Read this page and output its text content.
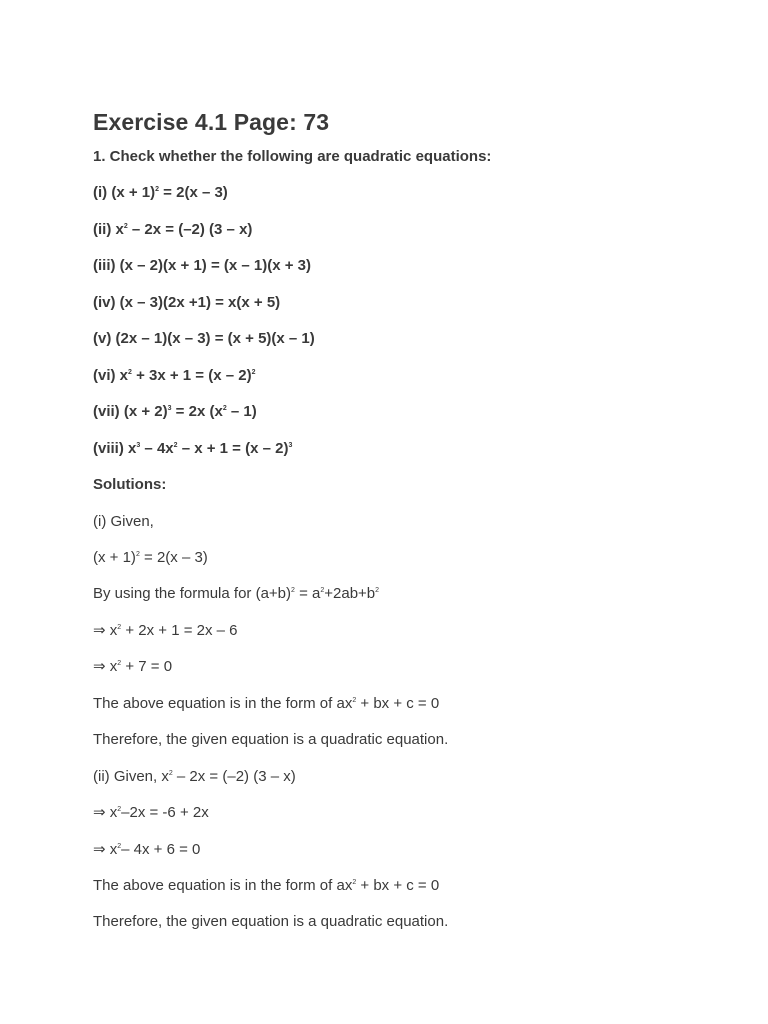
Exercise 4.1 Page: 73
1. Check whether the following are quadratic equations:
(i) $(x + 1)^2 = 2(x - 3)$
(ii) $x^2 - 2x = (-2)$ (3 – x)
(iii) (x – 2)(x + 1) = (x – 1)(x + 3)
(iv) (x – 3)(2x +1) = x(x + 5)
(v) (2x – 1)(x – 3) = (x + 5)(x – 1)
(vi) $x^2 + 3x + 1 = (x - 2)^2$
(vii) $(x + 2)^3 = 2x$ $(x^2 - 1)$
(viii) $x^3 - 4x^2 - x + 1 = (x - 2)^3$
Solutions:
(i) Given,
$(x + 1)^2 = 2(x - 3)$
By using the formula for $(a+b)^2 = a^2+2ab+b^2$
⇒ $x^2 + 2x + 1 = 2x - 6$
⇒ $x^2 + 7 = 0$
The above equation is in the form of $ax^2$ + bx + c = 0
Therefore, the given equation is a quadratic equation.
(ii) Given, $x^2 - 2x = (-2)$ (3 – x)
⇒ $x^2-2x = -6 + 2x$
⇒ $x^2-$ 4x + 6 = 0
The above equation is in the form of $ax^2$ + bx + c = 0
Therefore, the given equation is a quadratic equation.
